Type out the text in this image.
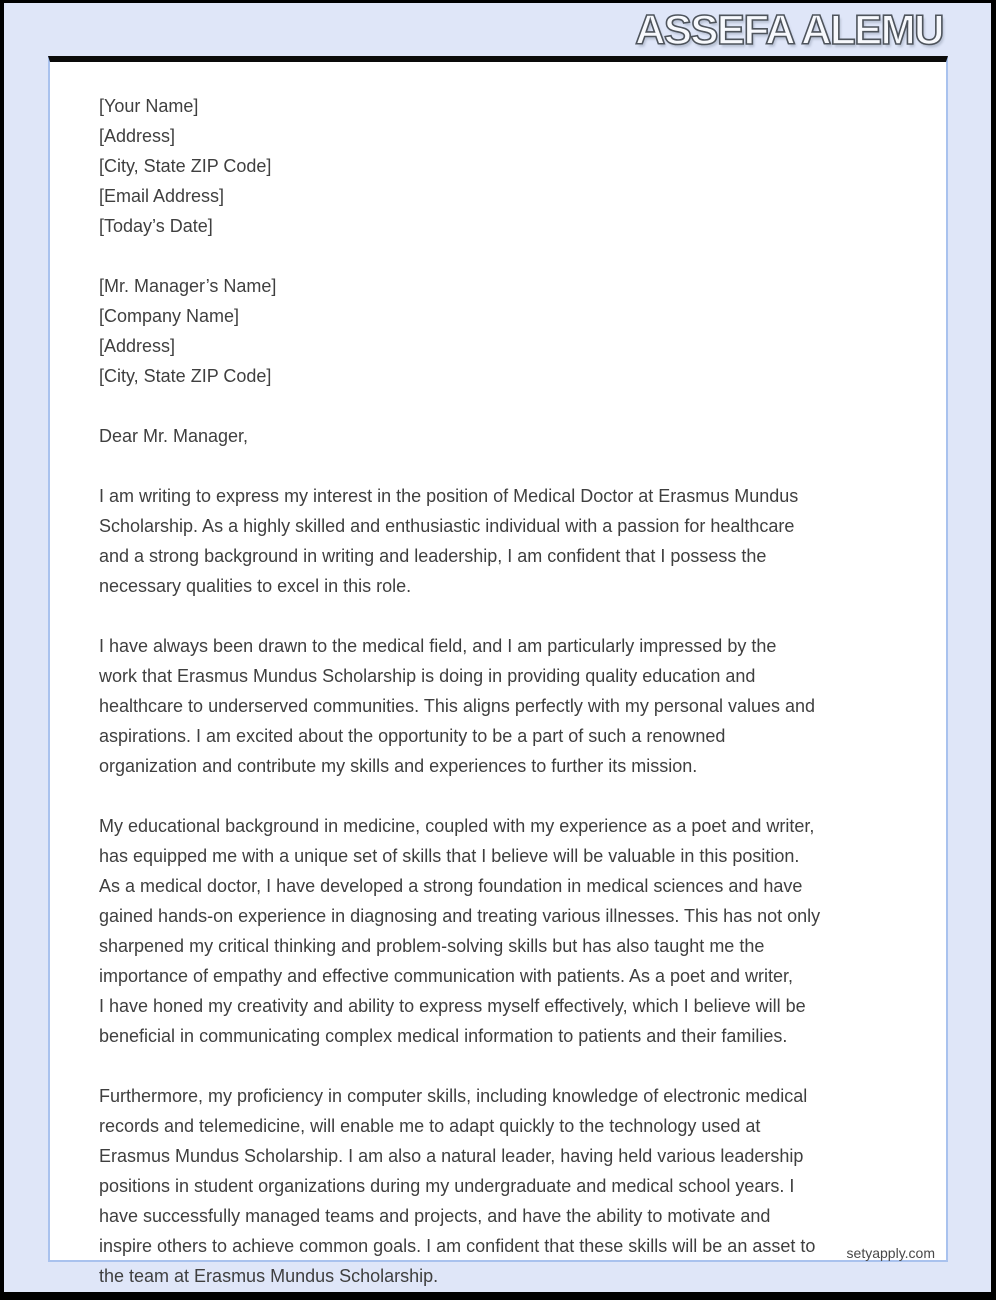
ASSEFA ALEMU
[Your Name]
[Address]
[City, State ZIP Code]
[Email Address]
[Today’s Date]
[Mr. Manager’s Name]
[Company Name]
[Address]
[City, State ZIP Code]
Dear Mr. Manager,
I am writing to express my interest in the position of Medical Doctor at Erasmus Mundus
Scholarship. As a highly skilled and enthusiastic individual with a passion for healthcare
and a strong background in writing and leadership, I am confident that I possess the
necessary qualities to excel in this role.
I have always been drawn to the medical field, and I am particularly impressed by the
work that Erasmus Mundus Scholarship is doing in providing quality education and
healthcare to underserved communities. This aligns perfectly with my personal values and
aspirations. I am excited about the opportunity to be a part of such a renowned
organization and contribute my skills and experiences to further its mission.
My educational background in medicine, coupled with my experience as a poet and writer,
has equipped me with a unique set of skills that I believe will be valuable in this position.
As a medical doctor, I have developed a strong foundation in medical sciences and have
gained hands-on experience in diagnosing and treating various illnesses. This has not only
sharpened my critical thinking and problem-solving skills but has also taught me the
importance of empathy and effective communication with patients. As a poet and writer,
I have honed my creativity and ability to express myself effectively, which I believe will be
beneficial in communicating complex medical information to patients and their families.
Furthermore, my proficiency in computer skills, including knowledge of electronic medical
records and telemedicine, will enable me to adapt quickly to the technology used at
Erasmus Mundus Scholarship. I am also a natural leader, having held various leadership
positions in student organizations during my undergraduate and medical school years. I
have successfully managed teams and projects, and have the ability to motivate and
inspire others to achieve common goals. I am confident that these skills will be an asset to
the team at Erasmus Mundus Scholarship.
setyapply.com
